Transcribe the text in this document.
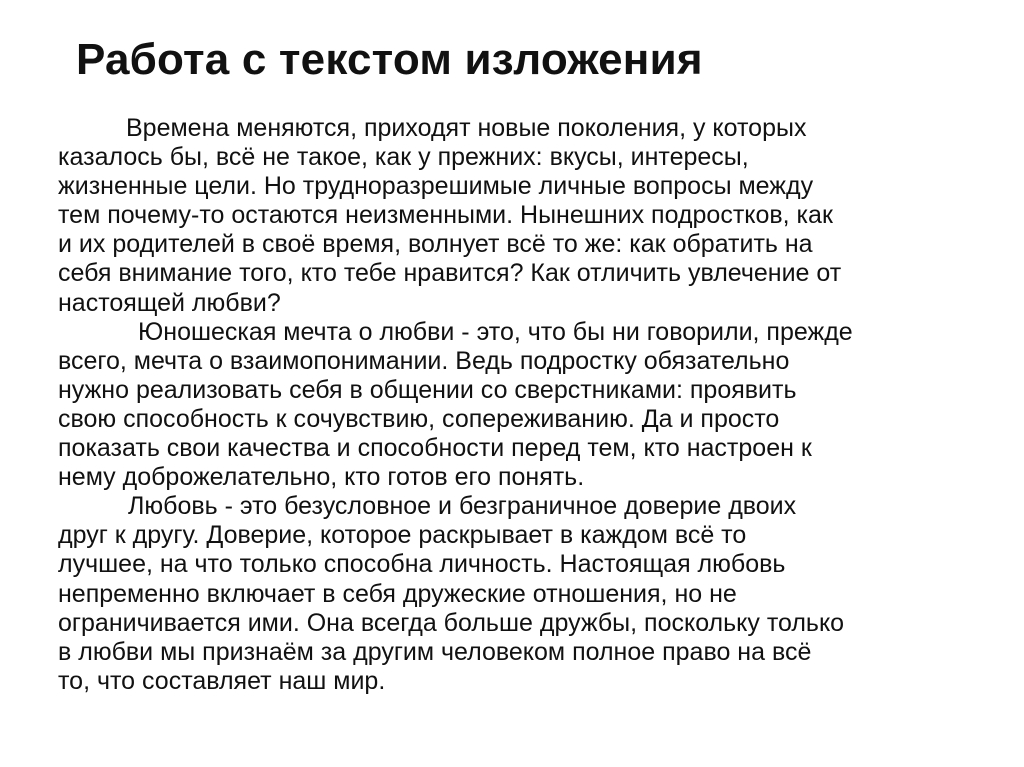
Работа с текстом изложения

Времена меняются, приходят новые поколения, у которых
казалось бы, всё не такое, как у прежних: вкусы, интересы,
жизненные цели. Но трудноразрешимые личные вопросы между
тем почему-то остаются неизменными. Нынешних подростков, как
и их родителей в своё время, волнует всё то же: как обратить на
себя внимание того, кто тебе нравится? Как отличить увлечение от
настоящей любви?

Юношеская мечта о любви - это, что бы ни говорили, прежде
всего, мечта о взаимопонимании. Ведь подростку обязательно
нужно реализовать себя в общении со сверстниками: проявить
свою способность к сочувствию, сопереживанию. Да и просто
показать свои качества и способности перед тем, кто настроен к
нему доброжелательно, кто готов его понять.

Любовь - это безусловное и безграничное доверие двоих
друг к другу. Доверие, которое раскрывает в каждом всё то
лучшее, на что только способна личность. Настоящая любовь
непременно включает в себя дружеские отношения, но не
ограничивается ими. Она всегда больше дружбы, поскольку только
в любви мы признаём за другим человеком полное право на всё
то, что составляет наш мир.
